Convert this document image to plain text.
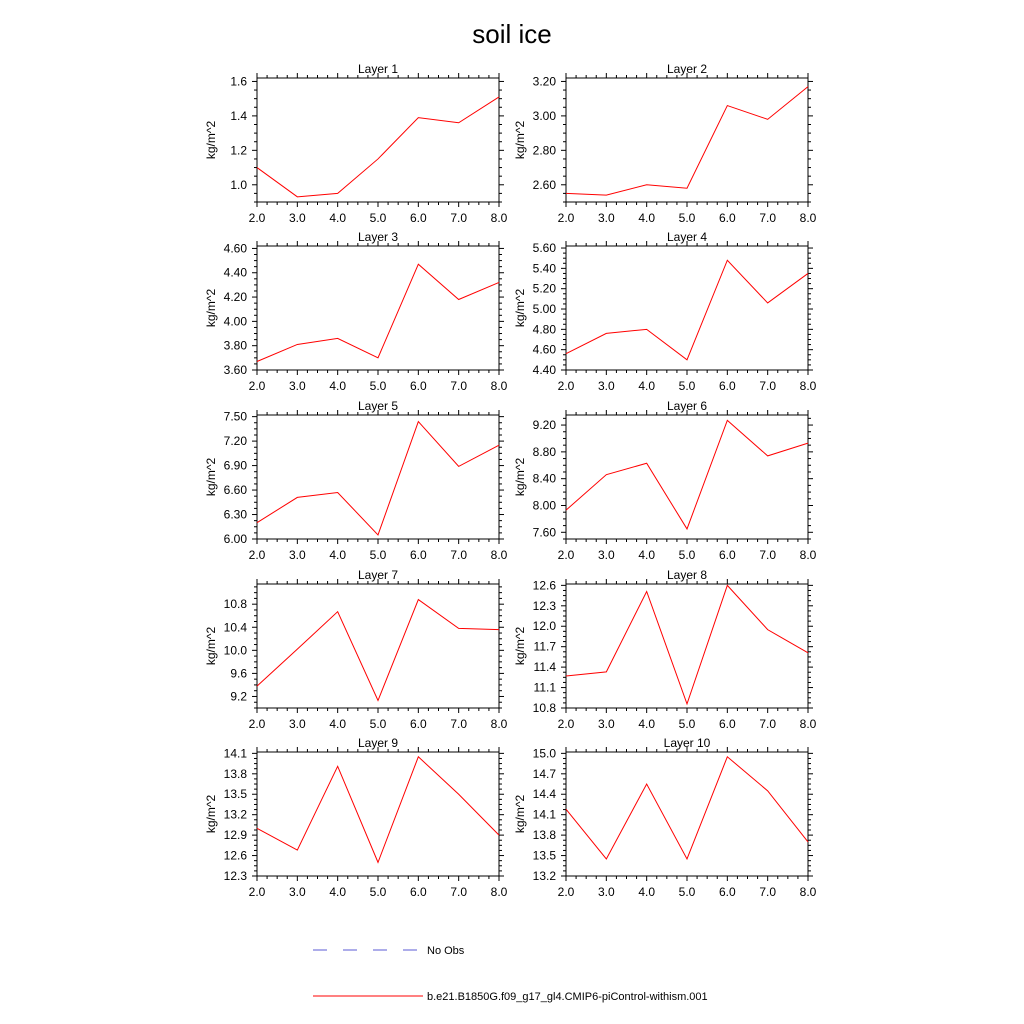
soil ice
Layer 1
kg/m^2
2.0 3.0 4.0 5.0 6.0 7.0 8.0
1.0
1.2
1.4
1.6
Layer 2
kg/m^2
2.0 3.0 4.0 5.0 6.0 7.0 8.0
2.60
2.80
3.00
3.20
Layer 3
kg/m^2
2.0 3.0 4.0 5.0 6.0 7.0 8.0
3.60
3.80
4.00
4.20
4.40
4.60
Layer 4
kg/m^2
2.0 3.0 4.0 5.0 6.0 7.0 8.0
4.40
4.60
4.80
5.00
5.20
5.40
5.60
Layer 5
kg/m^2
2.0 3.0 4.0 5.0 6.0 7.0 8.0
6.00
6.30
6.60
6.90
7.20
7.50
Layer 6
kg/m^2
2.0 3.0 4.0 5.0 6.0 7.0 8.0
7.60
8.00
8.40
8.80
9.20
Layer 7
kg/m^2
2.0 3.0 4.0 5.0 6.0 7.0 8.0
9.2
9.6
10.0
10.4
10.8
Layer 8
kg/m^2
2.0 3.0 4.0 5.0 6.0 7.0 8.0
10.8
11.1
11.4
11.7
12.0
12.3
12.6
Layer 9
kg/m^2
2.0 3.0 4.0 5.0 6.0 7.0 8.0
12.3
12.6
12.9
13.2
13.5
13.8
14.1
Layer 10
kg/m^2
2.0 3.0 4.0 5.0 6.0 7.0 8.0
13.2
13.5
13.8
14.1
14.4
14.7
15.0
No Obs
b.e21.B1850G.f09_g17_gl4.CMIP6-piControl-withism.001
